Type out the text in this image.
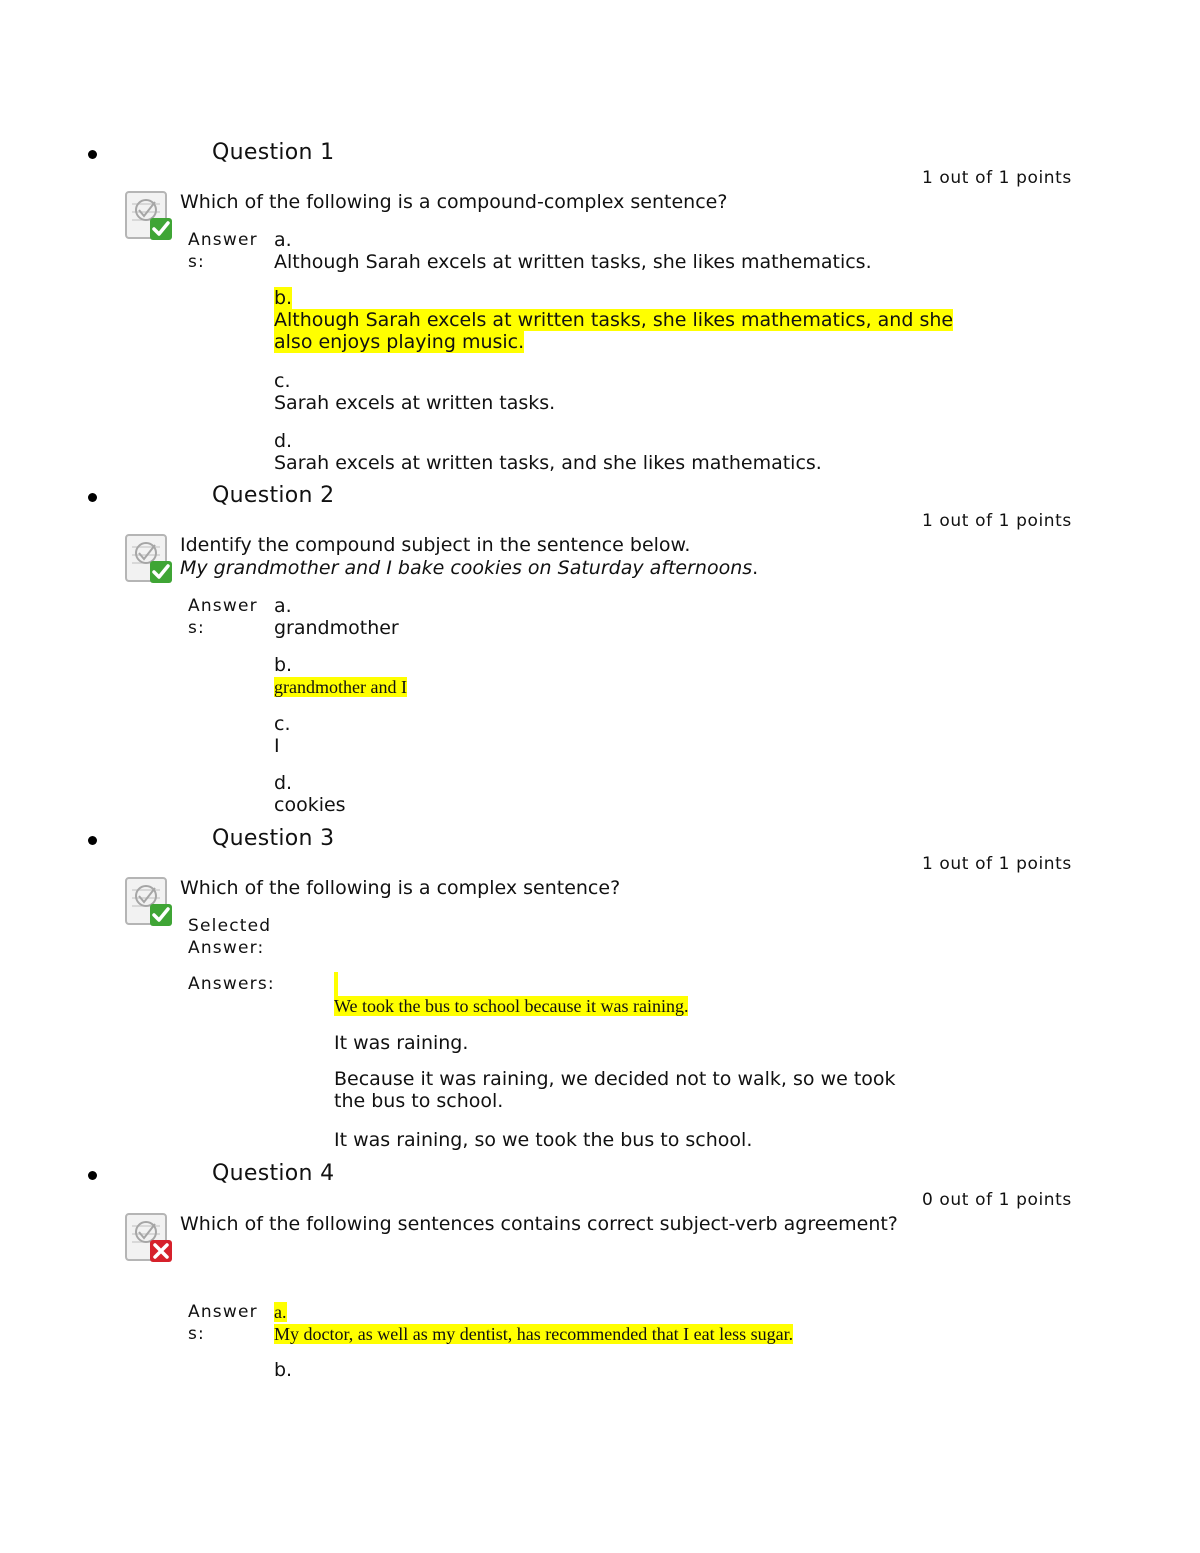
Question 1
1 out of 1 points
Which of the following is a compound-complex sentence?
Answer
s:
a.
Although Sarah excels at written tasks, she likes mathematics.
b.
Although Sarah excels at written tasks, she likes mathematics, and she
also enjoys playing music.
c.
Sarah excels at written tasks.
d.
Sarah excels at written tasks, and she likes mathematics.
Question 2
1 out of 1 points
Identify the compound subject in the sentence below.
My grandmother and I bake cookies on Saturday afternoons.
Answer
s:
a.
grandmother
b.
grandmother and I
c.
I
d.
cookies
Question 3
1 out of 1 points
Which of the following is a complex sentence?
Selected
Answer:
Answers:
We took the bus to school because it was raining.
It was raining.
Because it was raining, we decided not to walk, so we took
the bus to school.
It was raining, so we took the bus to school.
Question 4
0 out of 1 points
Which of the following sentences contains correct subject-verb agreement?
Answer
s:
a.
My doctor, as well as my dentist, has recommended that I eat less sugar.
b.
